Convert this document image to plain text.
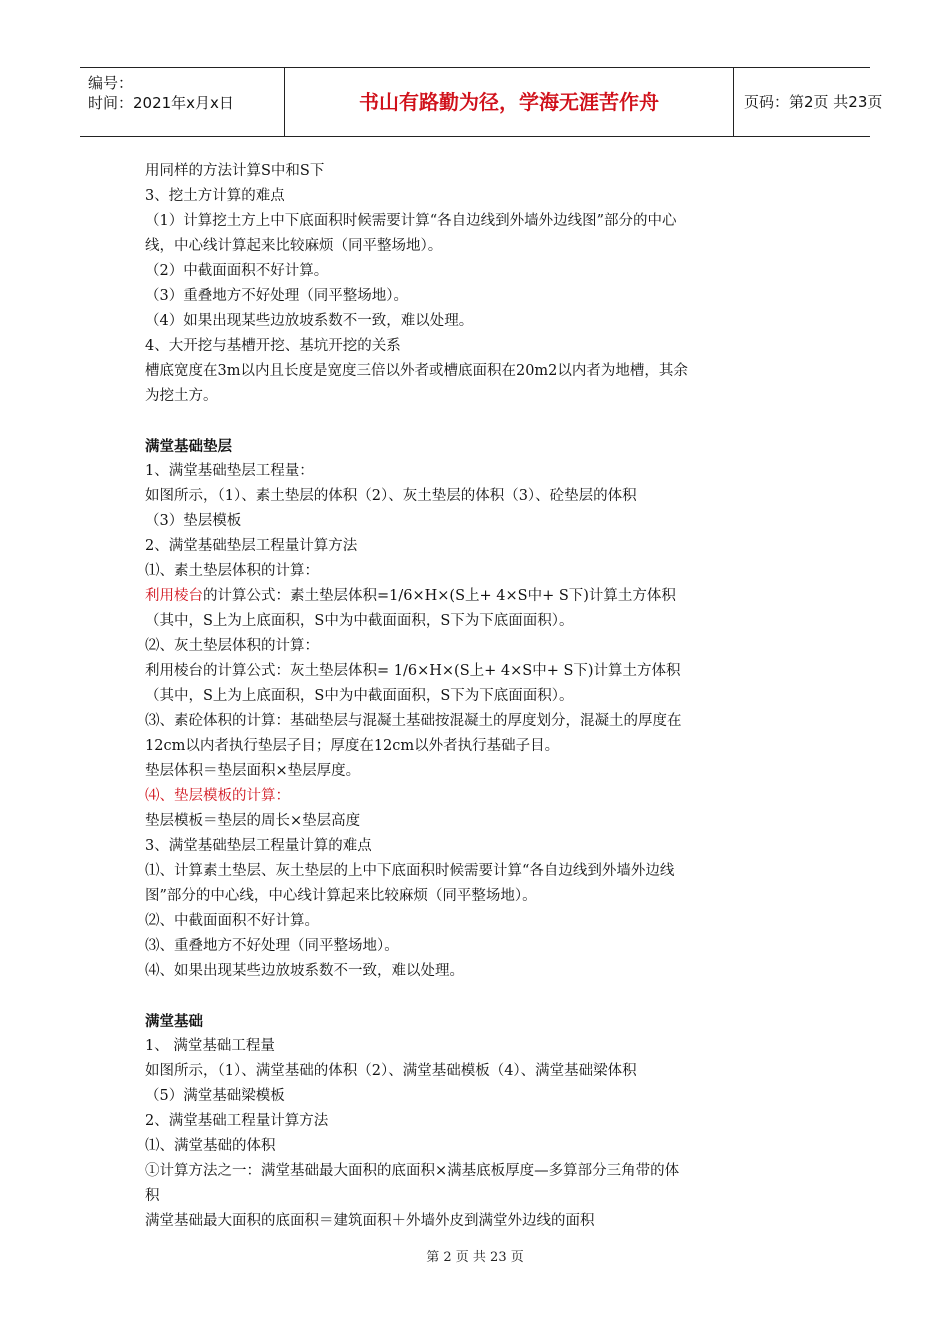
编号：
时间：2021年x月x日	书山有路勤为径，学海无涯苦作舟	页码：第2页 共23页
用同样的方法计算S中和S下
3、挖土方计算的难点
（1）计算挖土方上中下底面积时候需要计算“各自边线到外墙外边线图”部分的中心
线，中心线计算起来比较麻烦（同平整场地）。
（2）中截面面积不好计算。
（3）重叠地方不好处理（同平整场地）。
（4）如果出现某些边放坡系数不一致，难以处理。
4、大开挖与基槽开挖、基坑开挖的关系
槽底宽度在3m以内且长度是宽度三倍以外者或槽底面积在20m2以内者为地槽，其余
为挖土方。
满堂基础垫层
1、满堂基础垫层工程量：
如图所示，（1）、素土垫层的体积（2）、灰土垫层的体积（3）、砼垫层的体积
（3）垫层模板
2、满堂基础垫层工程量计算方法
⑴、素土垫层体积的计算：
利用棱台的计算公式：素土垫层体积=1/6×H×(S上+ 4×S中+ S下)计算土方体积
（其中，S上为上底面积，S中为中截面面积，S下为下底面面积）。
⑵、灰土垫层体积的计算：
利用棱台的计算公式：灰土垫层体积= 1/6×H×(S上+ 4×S中+ S下)计算土方体积
（其中，S上为上底面积，S中为中截面面积，S下为下底面面积）。
⑶、素砼体积的计算：基础垫层与混凝土基础按混凝土的厚度划分，混凝土的厚度在
12cm以内者执行垫层子目；厚度在12cm以外者执行基础子目。
垫层体积＝垫层面积×垫层厚度。
⑷、垫层模板的计算：
垫层模板＝垫层的周长×垫层高度
3、满堂基础垫层工程量计算的难点
⑴、计算素土垫层、灰土垫层的上中下底面积时候需要计算“各自边线到外墙外边线
图”部分的中心线，中心线计算起来比较麻烦（同平整场地）。
⑵、中截面面积不好计算。
⑶、重叠地方不好处理（同平整场地）。
⑷、如果出现某些边放坡系数不一致，难以处理。
满堂基础
1、 满堂基础工程量
如图所示，（1）、满堂基础的体积（2）、满堂基础模板（4）、满堂基础梁体积
（5）满堂基础梁模板
2、满堂基础工程量计算方法
⑴、满堂基础的体积
①计算方法之一：满堂基础最大面积的底面积×满基底板厚度—多算部分三角带的体
积
满堂基础最大面积的底面积＝建筑面积＋外墙外皮到满堂外边线的面积
第 2 页 共 23 页
